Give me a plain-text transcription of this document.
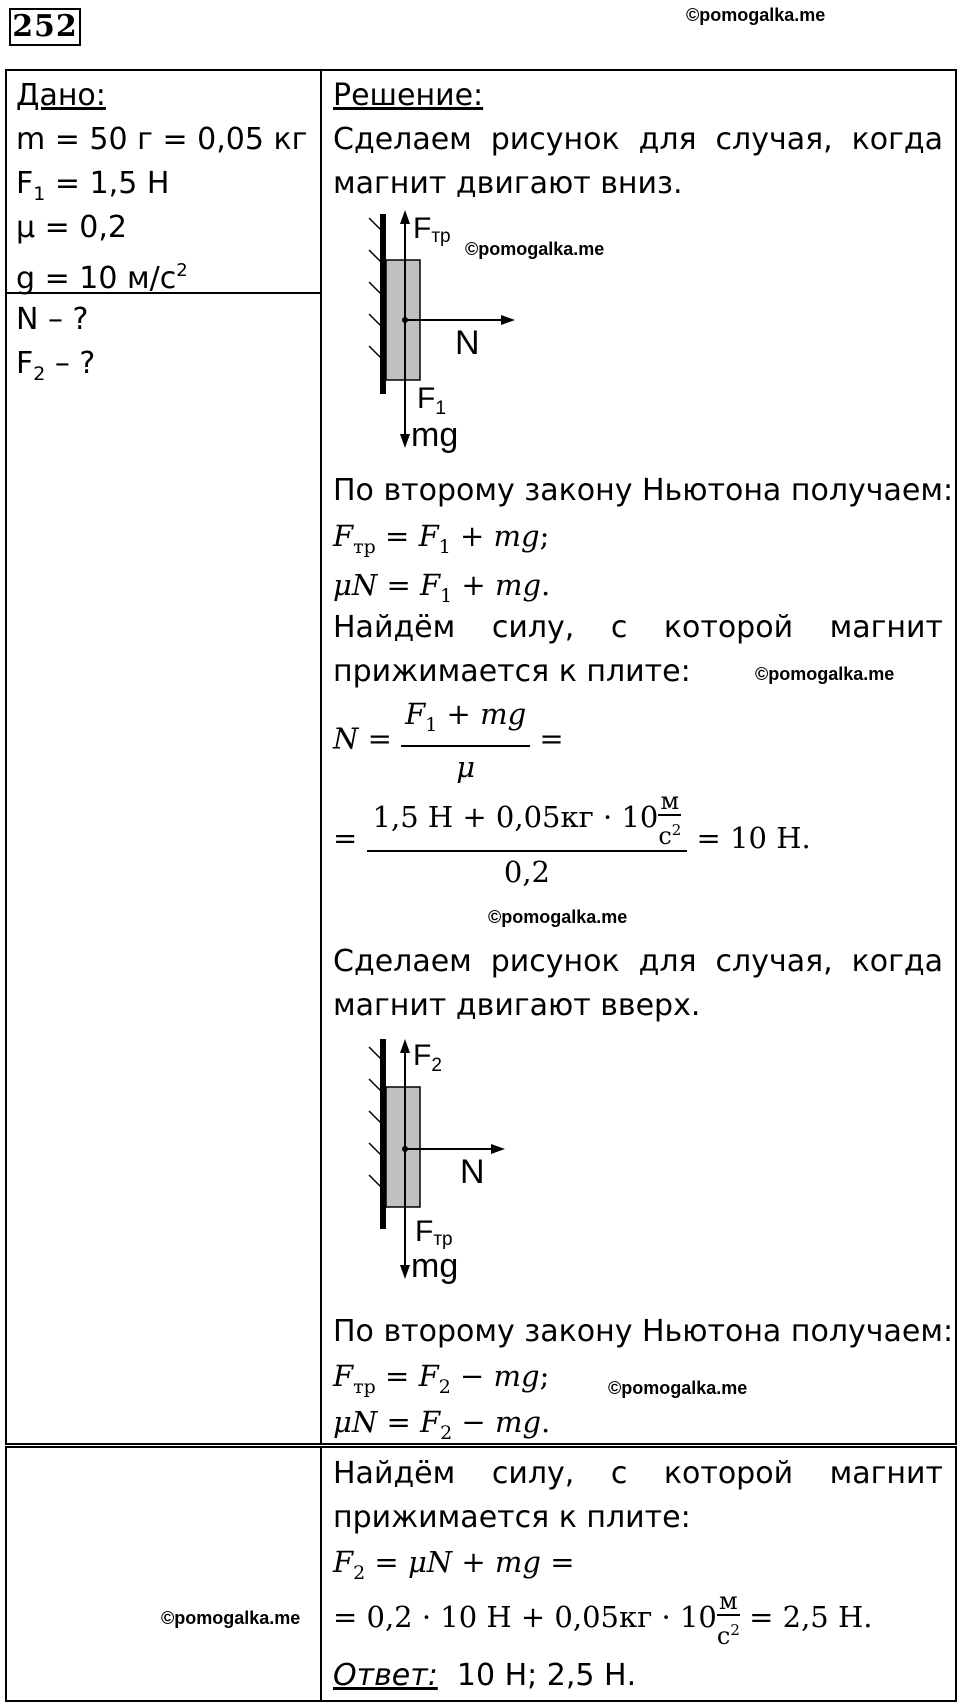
252	©pomogalka.me
Дано:
m = 50 г = 0,05 кг
$F_1 = 1,5$ Н
μ = 0,2
g = 10 $м/с^2$
N – ?
$F_2$ – ?
Решение:
Сделаем рисунок для случая, когда магнит двигают вниз.
Fтр
N
$F_1$
mg
©pomogalka.me
По второму закону Ньютона получаем:
$F_{тр} = F_1$ + mg;
$\mu N = F_1$ + mg.
Найдём силу, с которой магнит прижимается к плите:	©pomogalka.me
$N = \frac{F_1 + mg}{\mu}$ =
= $\frac{1,5 Н + 0,05кг \cdot 10 \frac{м}{с^2}}{0,2} = 10$ Н.
©pomogalka.me
Сделаем рисунок для случая, когда магнит двигают вверх.
$F_2$
N
Fтр
mg
По второму закону Ньютона получаем:
$F_{тр} = F_2$ − mg;	©pomogalka.me
$\mu N = F_2$ − mg.
Найдём силу, с которой магнит прижимается к плите:
$F_2 = \mu N$ + mg =
= 0,2 · 10 $Н + 0,05кг \cdot 10 \frac{м}{с^2} = 2,5$ Н.
©pomogalka.me
Ответ: 10 Н; 2,5 Н.
